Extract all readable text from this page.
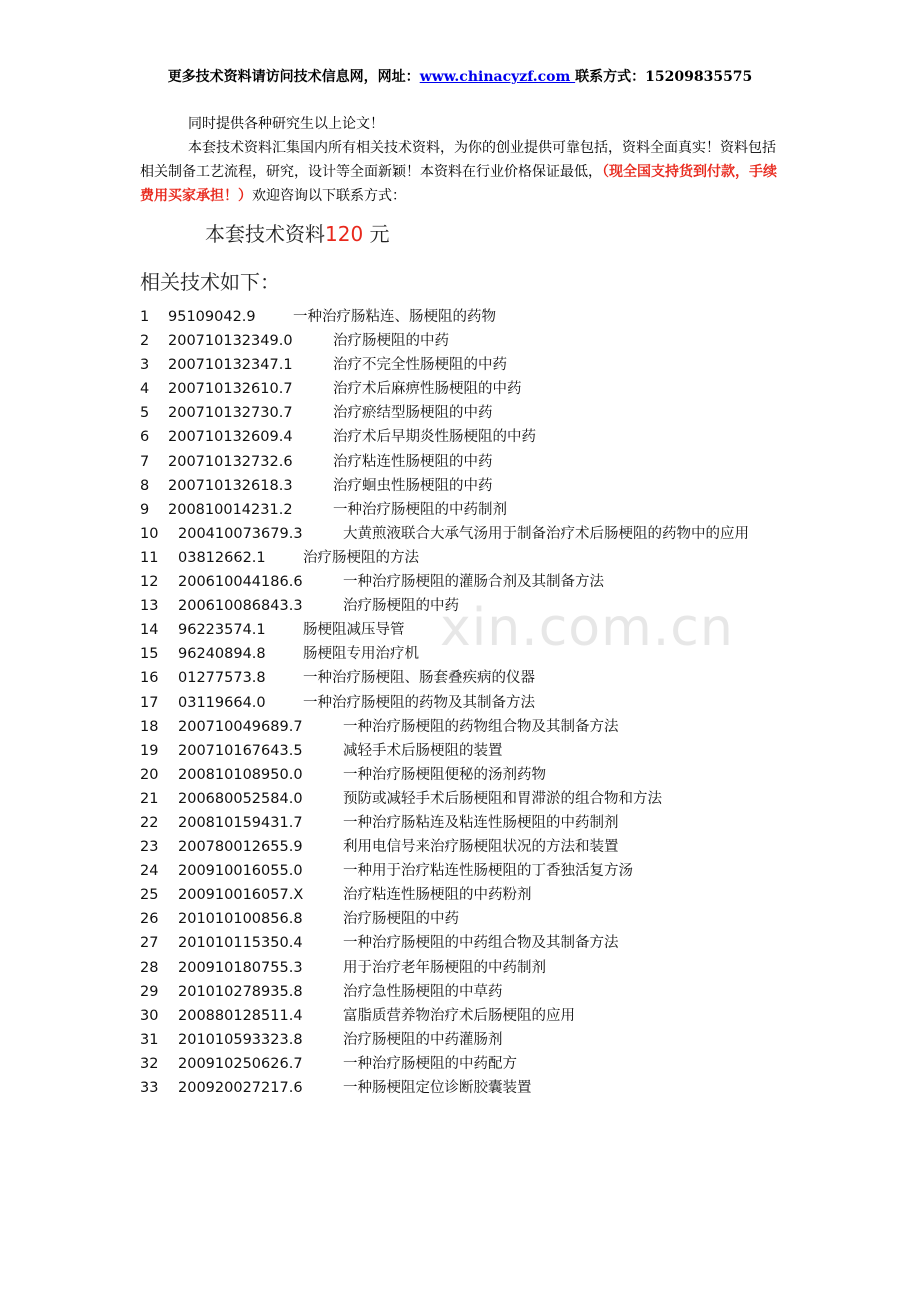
更多技术资料请访问技术信息网，网址：www.chinacyzf.com 联系方式：15209835575

同时提供各种研究生以上论文！

本套技术资料汇集国内所有相关技术资料，为你的创业提供可靠包括，资料全面真实！资料包括相关制备工艺流程，研究，设计等全面新颖！本资料在行业价格保证最低，（现全国支持货到付款，手续费用买家承担！）欢迎咨询以下联系方式：

本套技术资料120 元
相关技术如下：
xin.com.cn
1 95109042.9	一种治疗肠粘连、肠梗阻的药物
2 200710132349.0	治疗肠梗阻的中药
3 200710132347.1	治疗不完全性肠梗阻的中药
4 200710132610.7	治疗术后麻痹性肠梗阻的中药
5 200710132730.7	治疗瘀结型肠梗阻的中药
6 200710132609.4	治疗术后早期炎性肠梗阻的中药
7 200710132732.6	治疗粘连性肠梗阻的中药
8 200710132618.3	治疗蛔虫性肠梗阻的中药
9 200810014231.2	一种治疗肠梗阻的中药制剂
10 200410073679.3	大黄煎液联合大承气汤用于制备治疗术后肠梗阻的药物中的应用
11 03812662.1	治疗肠梗阻的方法
12 200610044186.6	一种治疗肠梗阻的灌肠合剂及其制备方法
13 200610086843.3	治疗肠梗阻的中药
14 96223574.1	肠梗阻减压导管
15 96240894.8	肠梗阻专用治疗机
16 01277573.8	一种治疗肠梗阻、肠套叠疾病的仪器
17 03119664.0	一种治疗肠梗阻的药物及其制备方法
18 200710049689.7	一种治疗肠梗阻的药物组合物及其制备方法
19 200710167643.5	减轻手术后肠梗阻的装置
20 200810108950.0	一种治疗肠梗阻便秘的汤剂药物
21 200680052584.0	预防或减轻手术后肠梗阻和胃滞淤的组合物和方法
22 200810159431.7	一种治疗肠粘连及粘连性肠梗阻的中药制剂
23 200780012655.9	利用电信号来治疗肠梗阻状况的方法和装置
24 200910016055.0	一种用于治疗粘连性肠梗阻的丁香独活复方汤
25 200910016057.X	治疗粘连性肠梗阻的中药粉剂
26 201010100856.8	治疗肠梗阻的中药
27 201010115350.4	一种治疗肠梗阻的中药组合物及其制备方法
28 200910180755.3	用于治疗老年肠梗阻的中药制剂
29 201010278935.8	治疗急性肠梗阻的中草药
30 200880128511.4	富脂质营养物治疗术后肠梗阻的应用
31 201010593323.8	治疗肠梗阻的中药灌肠剂
32 200910250626.7	一种治疗肠梗阻的中药配方
33 200920027217.6	一种肠梗阻定位诊断胶囊装置
